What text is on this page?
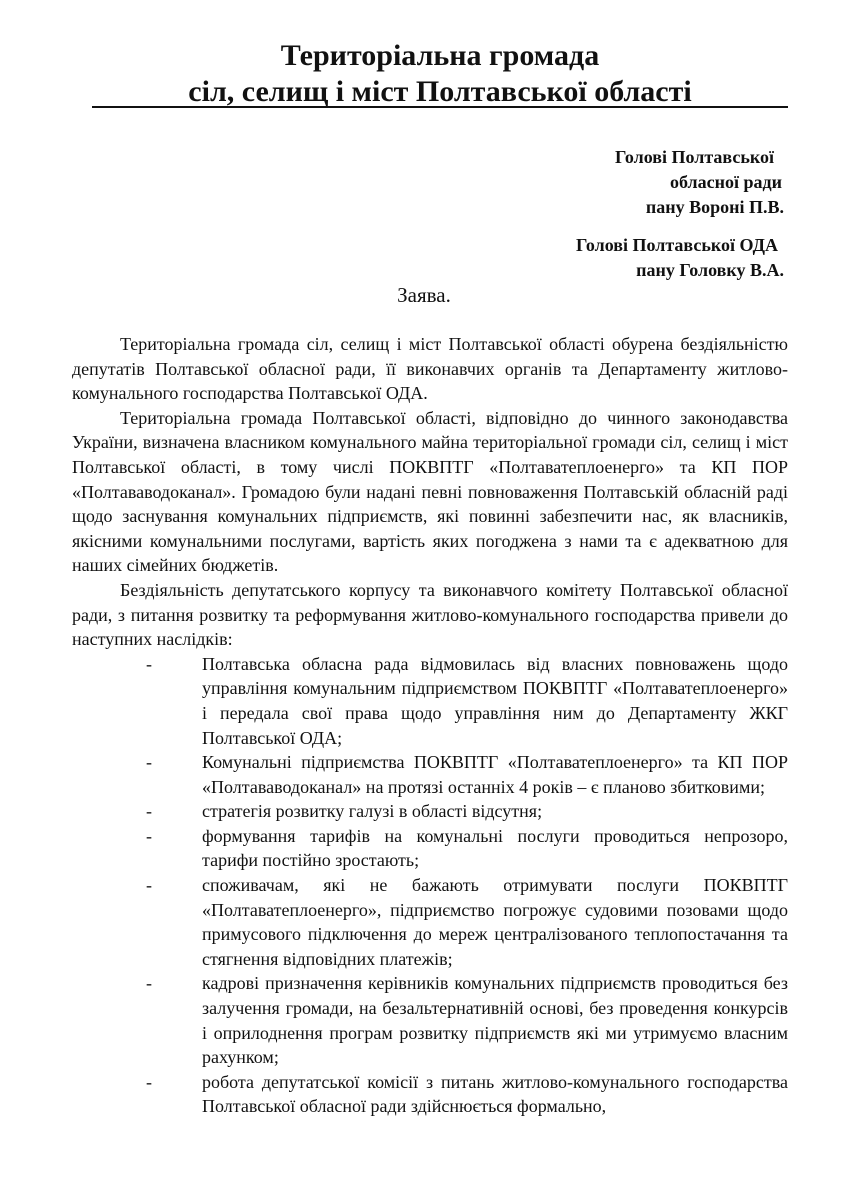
Територіальна громада
сіл, селищ і міст Полтавської області
Голові Полтавської
обласної ради
пану Вороні П.В.
Голові Полтавської ОДА
пану Головку В.А.
Заява.

Територіальна громада сіл, селищ і міст Полтавської області обурена бездіяльністю депутатів Полтавської обласної ради, її виконавчих органів та Департаменту житлово-комунального господарства Полтавської ОДА.

Територіальна громада Полтавської області, відповідно до чинного законодавства України, визначена власником комунального майна територіальної громади сіл, селищ і міст Полтавської області, в тому числі ПОКВПТГ «Полтаватеплоенерго» та КП ПОР «Полтававодоканал». Громадою були надані певні повноваження Полтавській обласній раді щодо заснування комунальних підприємств, які повинні забезпечити нас, як власників, якісними комунальними послугами, вартість яких погоджена з нами та є адекватною для наших сімейних бюджетів.

Бездіяльність депутатського корпусу та виконавчого комітету Полтавської обласної ради, з питання розвитку та реформування житлово-комунального господарства привели до наступних наслідків:

-	Полтавська обласна рада відмовилась від власних повноважень щодо управління комунальним підприємством ПОКВПТГ «Полтаватеплоенерго» і передала свої права щодо управління ним до Департаменту ЖКГ Полтавської ОДА;
-	Комунальні підприємства ПОКВПТГ «Полтаватеплоенерго» та КП ПОР «Полтававодоканал» на протязі останніх 4 років – є планово збитковими;
-	стратегія розвитку галузі в області відсутня;
-	формування тарифів на комунальні послуги проводиться непрозоро, тарифи постійно зростають;
-	споживачам, які не бажають отримувати послуги ПОКВПТГ «Полтаватеплоенерго», підприємство погрожує судовими позовами щодо примусового підключення до мереж централізованого теплопостачання та стягнення відповідних платежів;
-	кадрові призначення керівників комунальних підприємств проводиться без залучення громади, на безальтернативній основі, без проведення конкурсів і оприлоднення програм розвитку підприємств які ми утримуємо власним рахунком;
-	робота депутатської комісії з питань житлово-комунального господарства Полтавської обласної ради здійснюється формально,
